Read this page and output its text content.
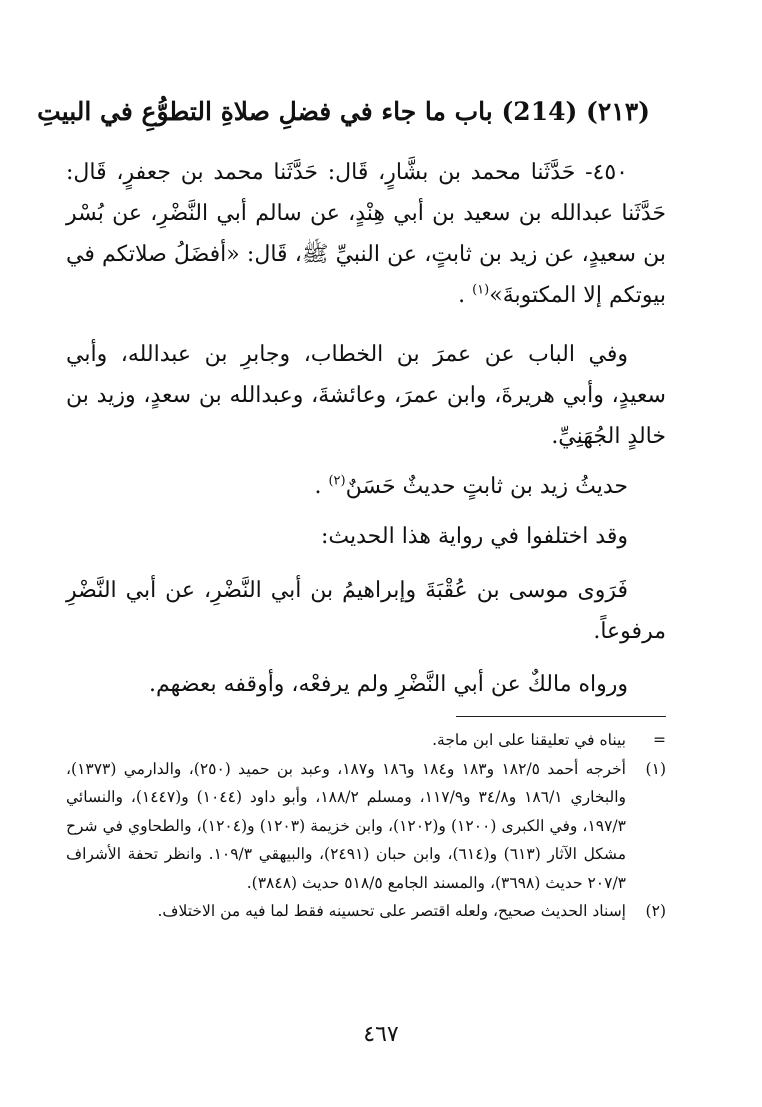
(٢١٣) (214) باب ما جاء في فضلِ صلاةِ التطوُّعِ في البيتِ
٤٥٠- حَدَّثَنا محمد بن بشَّارٍ، قَال: حَدَّثَنا محمد بن جعفرٍ، قَال: حَدَّثَنا عبدالله بن سعيد بن أبي هِنْدٍ، عن سالم أبي النَّضْرِ، عن بُسْر بن سعيدٍ، عن زيد بن ثابتٍ، عن النبيِّ ﷺ، قَال: «أفضَلُ صلاتكم في بيوتكم إلا المكتوبةَ»$^{(١)}$ .
وفي الباب عن عمرَ بن الخطاب، وجابرِ بن عبدالله، وأبي سعيدٍ، وأبي هريرةَ، وابن عمرَ، وعائشةَ، وعبدالله بن سعدٍ، وزيد بن خالدٍ الجُهَنِيِّ.
حديثُ زيد بن ثابتٍ حديثٌ حَسَنٌ$^{(٢)}$ .
وقد اختلفوا في رواية هذا الحديث:
فَرَوى موسى بن عُقْبَةَ وإبراهيمُ بن أبي النَّضْرِ، عن أبي النَّضْرِ مرفوعاً.
ورواه مالكٌ عن أبي النَّضْرِ ولم يرفعْه، وأوقفه بعضهم.
=
بيناه في تعليقنا على ابن ماجة.
(١)
أخرجه أحمد ١٨٢/٥ و١٨٣ و١٨٤ و١٨٦ و١٨٧، وعبد بن حميد (٢٥٠)، والدارمي (١٣٧٣)، والبخاري ١٨٦/١ و٣٤/٨ و١١٧/٩، ومسلم ١٨٨/٢، وأبو داود (١٠٤٤) و(١٤٤٧)، والنسائي ١٩٧/٣، وفي الكبرى (١٢٠٠) و(١٢٠٢)، وابن خزيمة (١٢٠٣) و(١٢٠٤)، والطحاوي في شرح مشكل الآثار (٦١٣) و(٦١٤)، وابن حبان (٢٤٩١)، والبيهقي ١٠٩/٣. وانظر تحفة الأشراف ٢٠٧/٣ حديث (٣٦٩٨)، والمسند الجامع ٥١٨/٥ حديث (٣٨٤٨).
(٢)
إسناد الحديث صحيح، ولعله اقتصر على تحسينه فقط لما فيه من الاختلاف.
٤٦٧
